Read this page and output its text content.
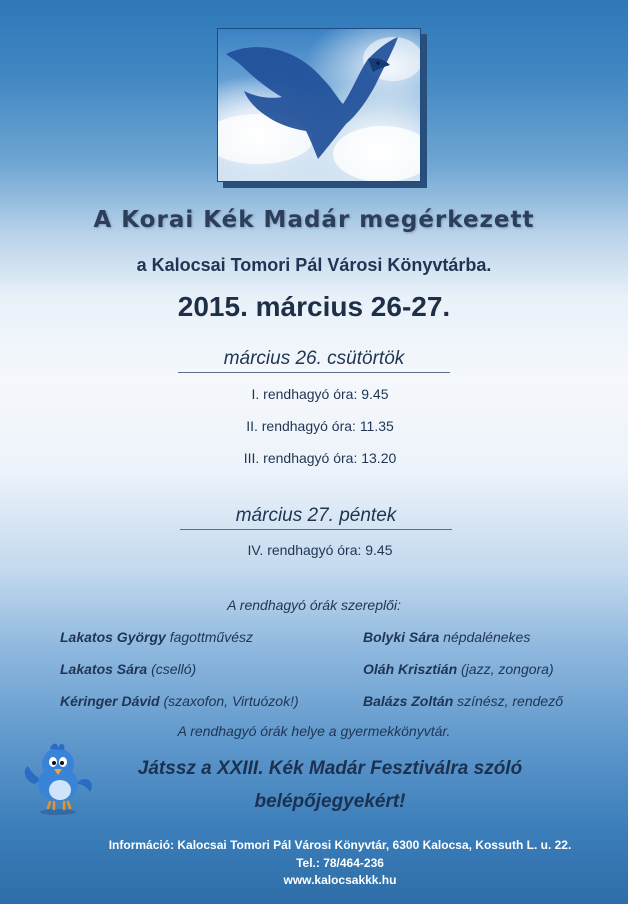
A Korai Kék Madár megérkezett
a Kalocsai Tomori Pál Városi Könyvtárba.
2015. március 26-27.
március 26. csütörtök
I. rendhagyó óra: 9.45
II. rendhagyó óra: 11.35
III. rendhagyó óra: 13.20
március 27. péntek
IV. rendhagyó óra: 9.45
A rendhagyó órák szereplői:
Lakatos György fagottművész	Bolyki Sára népdalénekes
Lakatos Sára (cselló)	Oláh Krisztián (jazz, zongora)
Kéringer Dávid (szaxofon, Virtuózok!)	Balázs Zoltán színész, rendező
A rendhagyó órák helye a gyermekkönyvtár.
Játssz a XXIII. Kék Madár Fesztiválra szóló
belépőjegyekért!
Információ: Kalocsai Tomori Pál Városi Könyvtár, 6300 Kalocsa, Kossuth L. u. 22.
Tel.: 78/464-236
www.kalocsakkk.hu
